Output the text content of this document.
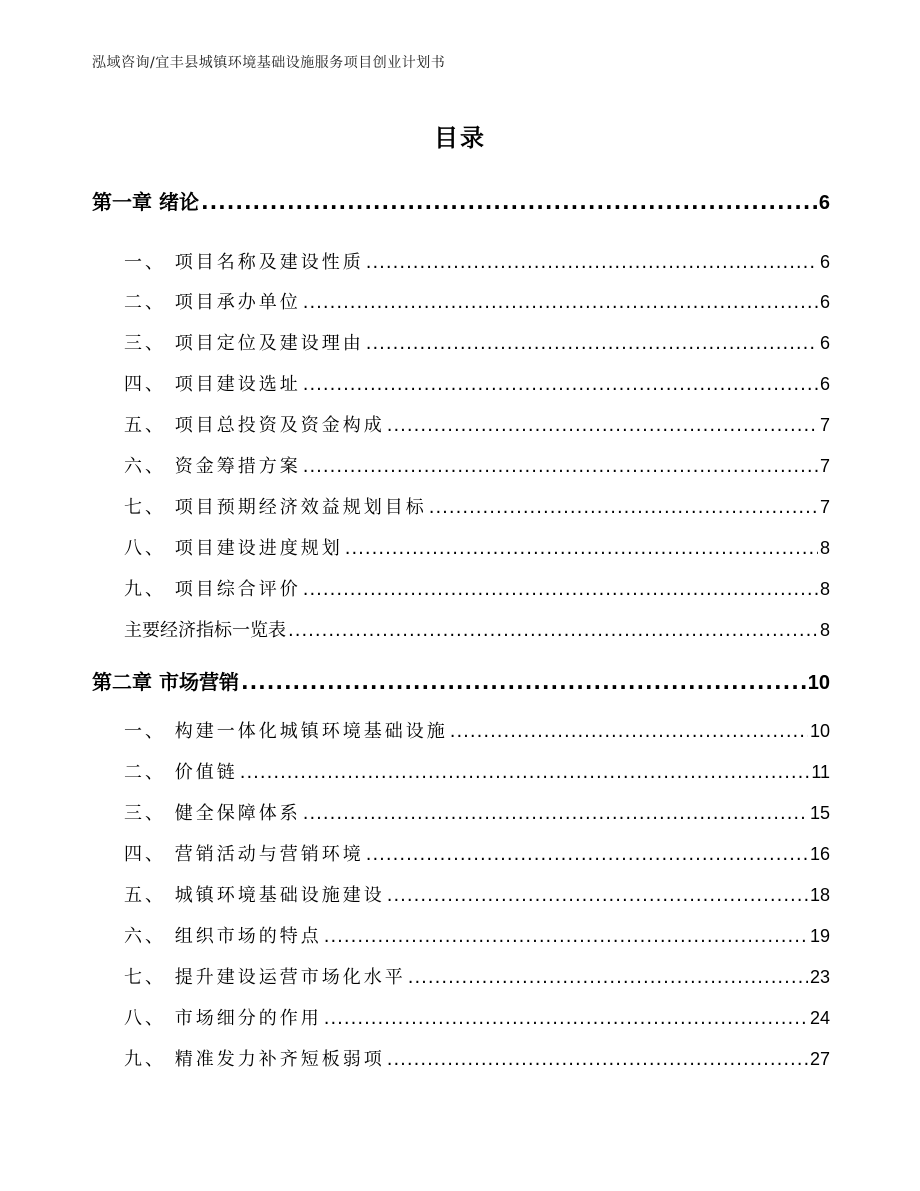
泓域咨询/宜丰县城镇环境基础设施服务项目创业计划书
目录
第一章 绪论 .....	6
一、 项目名称及建设性质 .....	6
二、 项目承办单位 .....	6
三、 项目定位及建设理由 .....	6
四、 项目建设选址 .....	6
五、 项目总投资及资金构成 .....	7
六、 资金筹措方案 .....	7
七、 项目预期经济效益规划目标 .....	7
八、 项目建设进度规划 .....	8
九、 项目综合评价 .....	8
主要经济指标一览表 .....	8
第二章 市场营销 .....	10
一、 构建一体化城镇环境基础设施 .....	10
二、 价值链 .....	11
三、 健全保障体系 .....	15
四、 营销活动与营销环境 .....	16
五、 城镇环境基础设施建设 .....	18
六、 组织市场的特点 .....	19
七、 提升建设运营市场化水平 .....	23
八、 市场细分的作用 .....	24
九、 精准发力补齐短板弱项 .....	27
